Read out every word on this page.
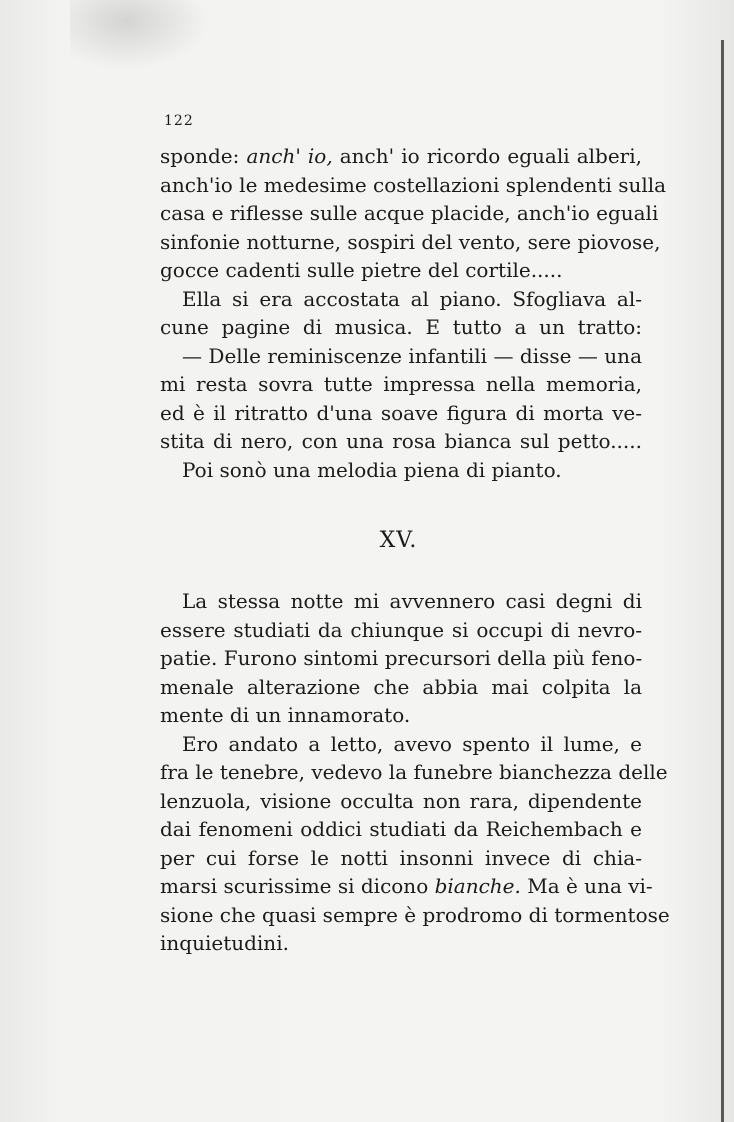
122
sponde: anch' io, anch' io ricordo eguali alberi,
anch'io le medesime costellazioni splendenti sulla
casa e riflesse sulle acque placide, anch'io eguali
sinfonie notturne, sospiri del vento, sere piovose,
gocce cadenti sulle pietre del cortile.....
Ella si era accostata al piano. Sfogliava al-
cune pagine di musica. E tutto a un tratto:
— Delle reminiscenze infantili — disse — una
mi resta sovra tutte impressa nella memoria,
ed è il ritratto d'una soave figura di morta ve-
stita di nero, con una rosa bianca sul petto.....
Poi sonò una melodia piena di pianto.
XV.
La stessa notte mi avvennero casi degni di
essere studiati da chiunque si occupi di nevro-
patie. Furono sintomi precursori della più feno-
menale alterazione che abbia mai colpita la
mente di un innamorato.
Ero andato a letto, avevo spento il lume, e
fra le tenebre, vedevo la funebre bianchezza delle
lenzuola, visione occulta non rara, dipendente
dai fenomeni oddici studiati da Reichembach e
per cui forse le notti insonni invece di chia-
marsi scurissime si dicono bianche. Ma è una vi-
sione che quasi sempre è prodromo di tormentose
inquietudini.
